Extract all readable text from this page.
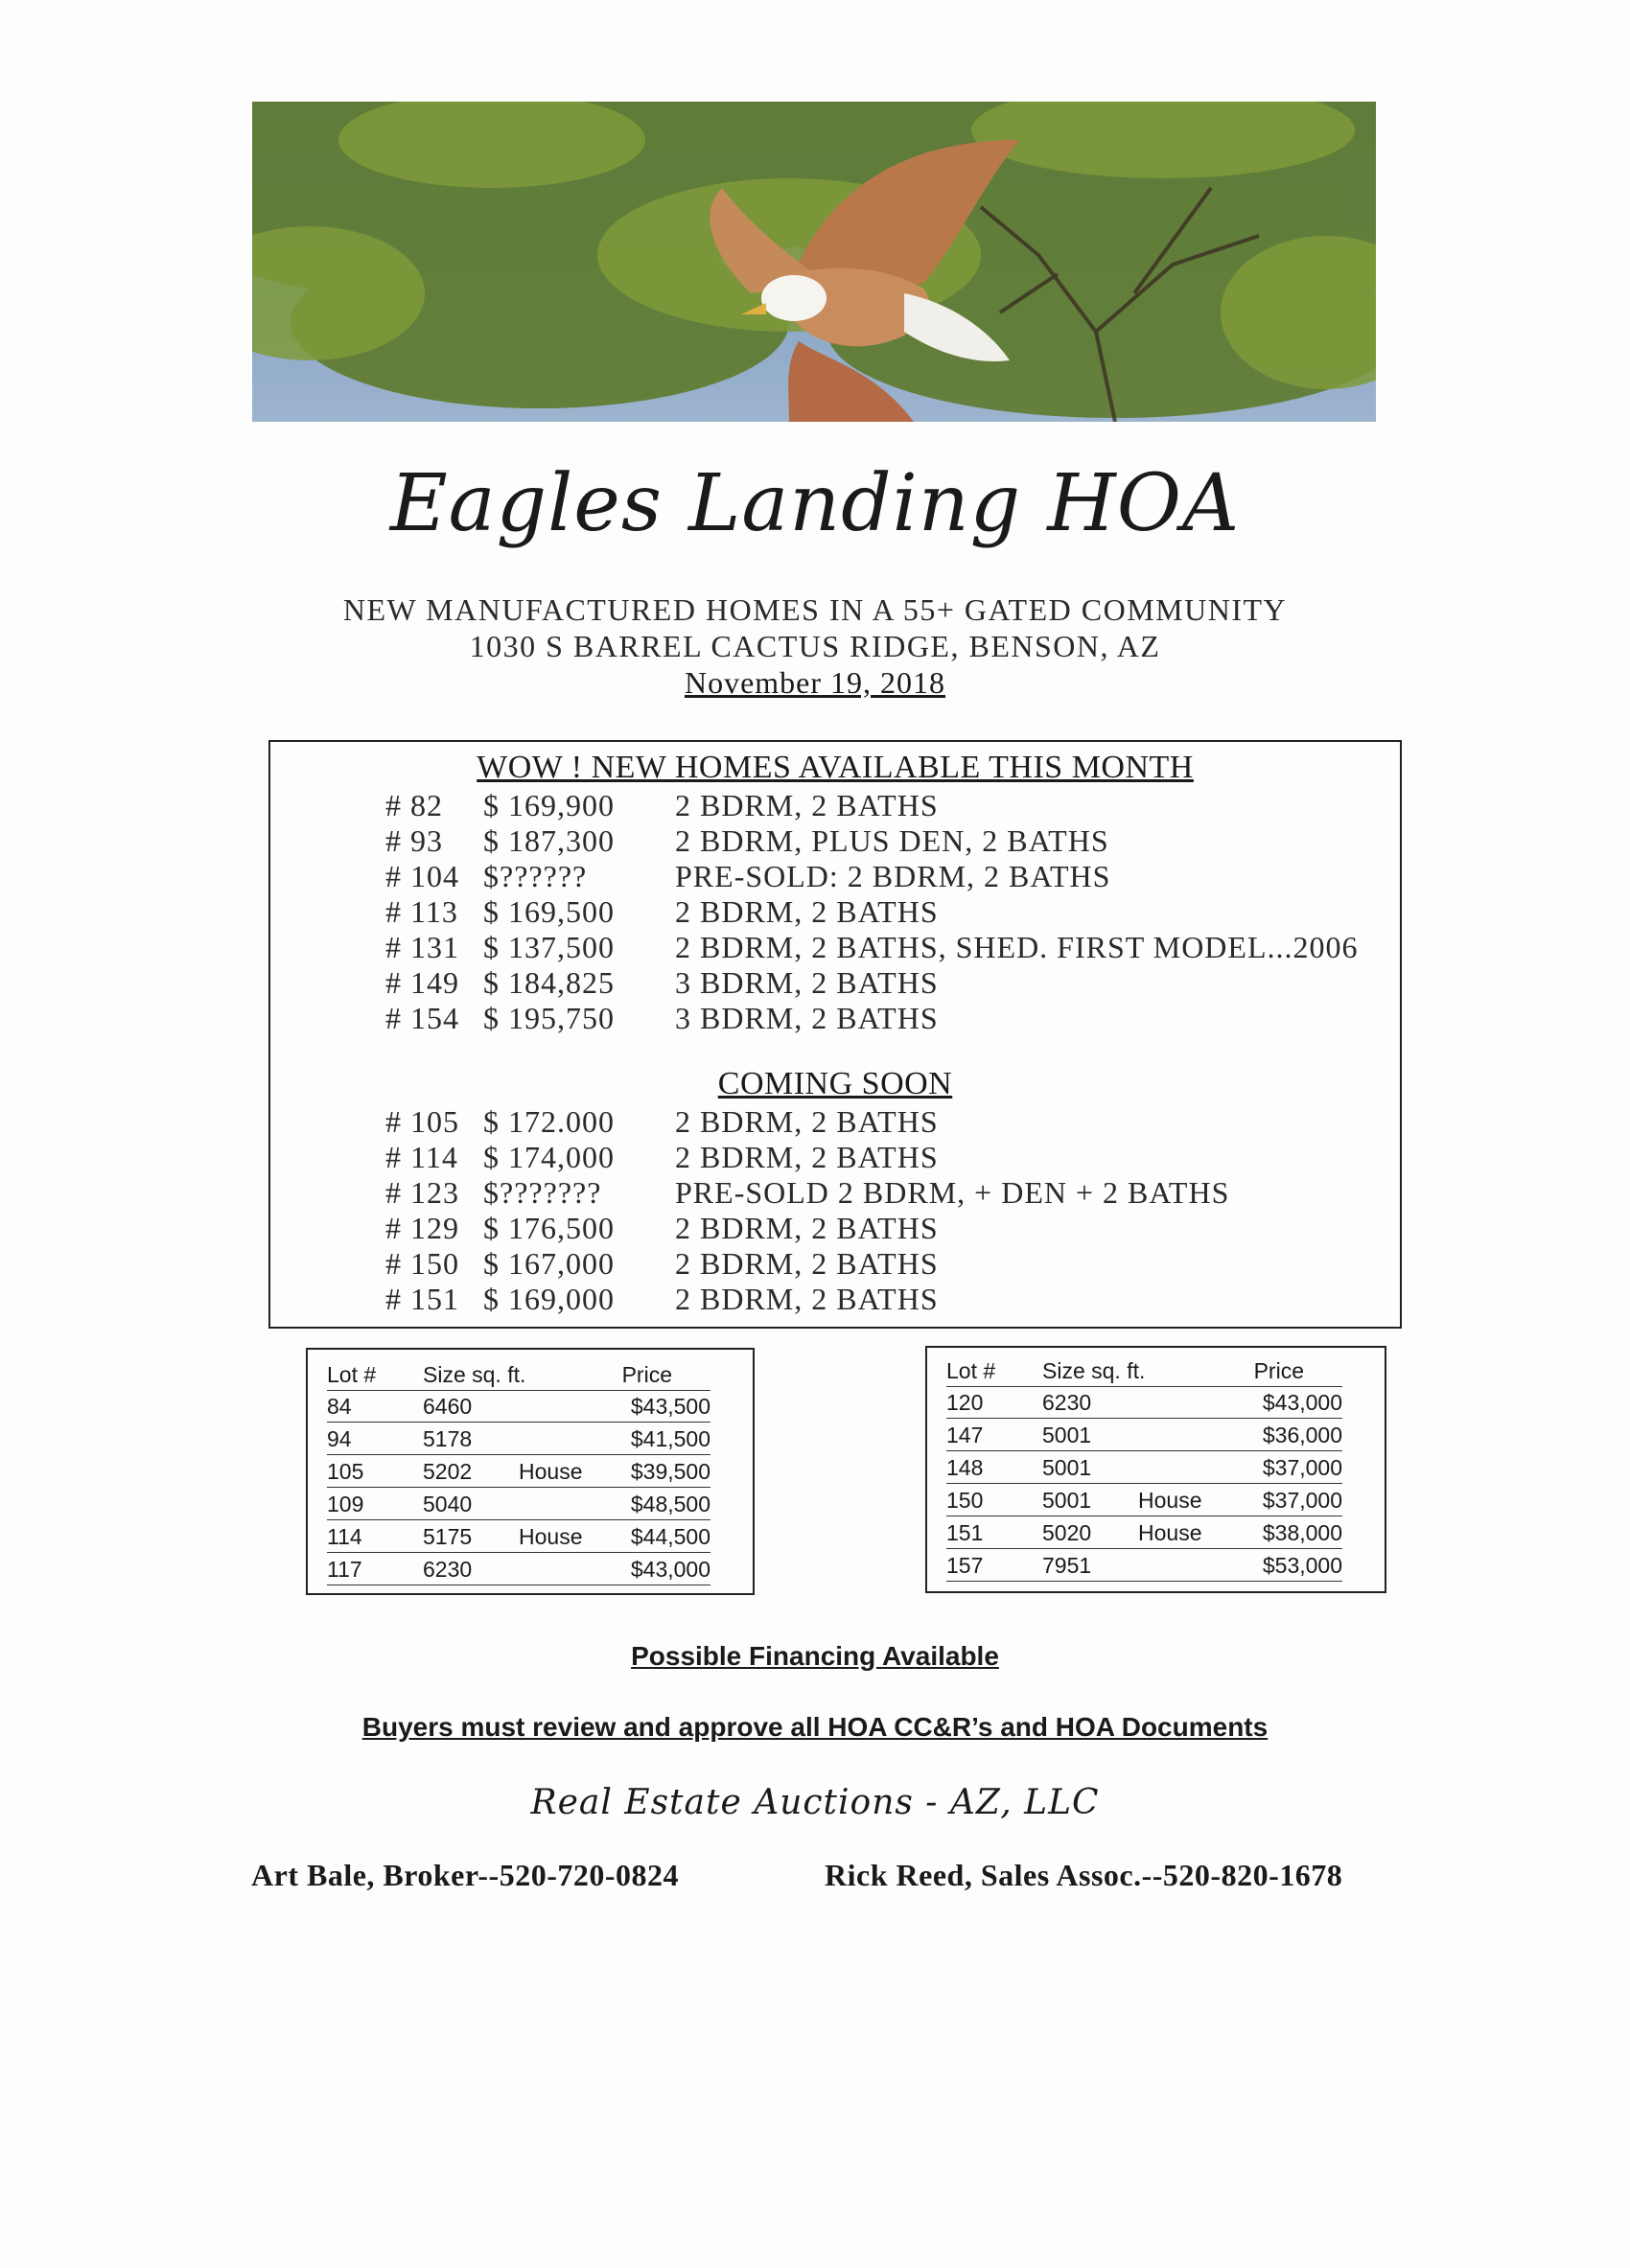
Eagles Landing HOA
NEW MANUFACTURED HOMES IN A 55+ GATED COMMUNITY
1030 S BARREL CACTUS RIDGE, BENSON, AZ
November 19, 2018
WOW ! NEW HOMES AVAILABLE THIS MONTH
# 82 $ 169,900 2 BDRM, 2 BATHS
# 93 $ 187,300 2 BDRM, PLUS DEN, 2 BATHS
# 104 $??????	PRE-SOLD: 2 BDRM, 2 BATHS
# 113 $ 169,500 2 BDRM, 2 BATHS
# 131 $ 137,500 2 BDRM, 2 BATHS, SHED. FIRST MODEL...2006
# 149 $ 184,825 3 BDRM, 2 BATHS
# 154 $ 195,750 3 BDRM, 2 BATHS
COMING SOON
# 105 $ 172.000 2 BDRM, 2 BATHS
# 114 $ 174,000 2 BDRM, 2 BATHS
# 123 $??????? PRE-SOLD 2 BDRM, + DEN + 2 BATHS
# 129 $ 176,500 2 BDRM, 2 BATHS
# 150 $ 167,000 2 BDRM, 2 BATHS
# 151 $ 169,000 2 BDRM, 2 BATHS
Lot # Size sq. ft.	Price
84	6460	$43,500
94	5178	$41,500
105	5202 House $39,500
109	5040	$48,500
114	5175 House $44,500
117	6230	$43,000
Lot # Size sq. ft.	Price
120	6230	$43,000
147	5001	$36,000
148	5001	$37,000
150	5001 House	$37,000
151	5020 House	$38,000
157	7951	$53,000
Possible Financing Available
Buyers must review and approve all HOA CC&R’s and HOA Documents
Real Estate Auctions - AZ, LLC
Art Bale, Broker--520-720-0824	Rick Reed, Sales Assoc.--520-820-1678
